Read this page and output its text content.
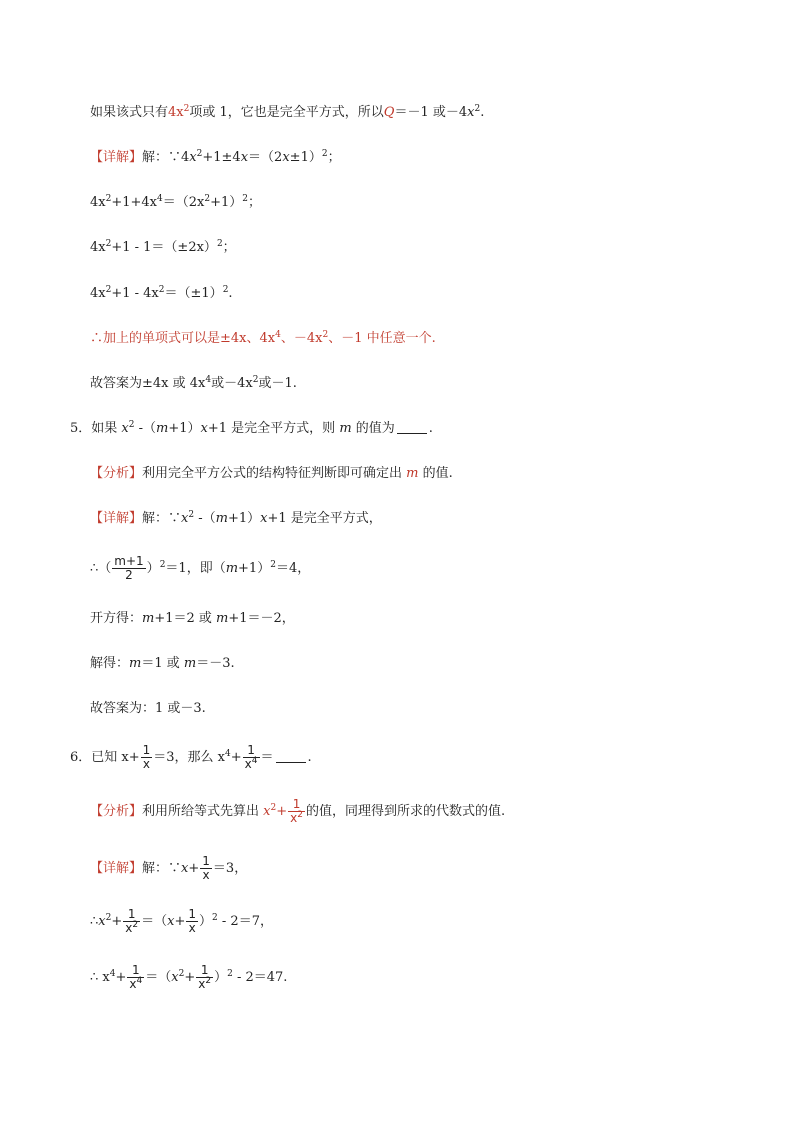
如果该式只有$4x^2$项或 1，它也是完全平方式，所以Q＝－1 或$-4x^2$.
【详解】解：$\because 4x^2+1\pm 4x=(2x\pm 1)^2$；
$4x^2+1+4x^4=(2x^2+1)^2$；
$4x^2+1 - 1=(\pm 2x)^2$；
$4x^2+1 - 4x^2=(\pm 1)^2$.
∴加上的单项式可以是±4x、$4x^4$、$-4x^2$、－1 中任意一个.
故答案为±4x 或 $4x^4$或$-4x^2$或－1.
5．如果 $x^2$ -（m+1）x+1 是完全平方式，则 m 的值为	.
【分析】利用完全平方公式的结构特征判断即可确定出 m 的值.
【详解】解：$\because x^2$ -（m+1）x+1 是完全平方式，
∴（ $\frac{m+1}{2} )^2=1$，即$(m+1)^2=4$，
开方得：m+1＝2 或 m+1＝－2，
解得：m＝1 或 m＝－3.
故答案为：1 或－3.
6．已知 $x+ \frac{1}{x} =3$，那么 $x^4+ \frac{1}{x^4}$ ＝	.
【分析】利用所给等式先算出 $x^2+ \frac{1}{x^2}$ 的值，同理得到所求的代数式的值.
【详解】解：∵x+ $\frac{1}{x} =3$，
$\therefore x^2+ \frac{1}{x^2} =(x+ \frac{1}{x} )^2 - 2=7$，
∴ $x^4+ \frac{1}{x^4} =(x^2+ \frac{1}{x^2} )^2 - 2=47$.
